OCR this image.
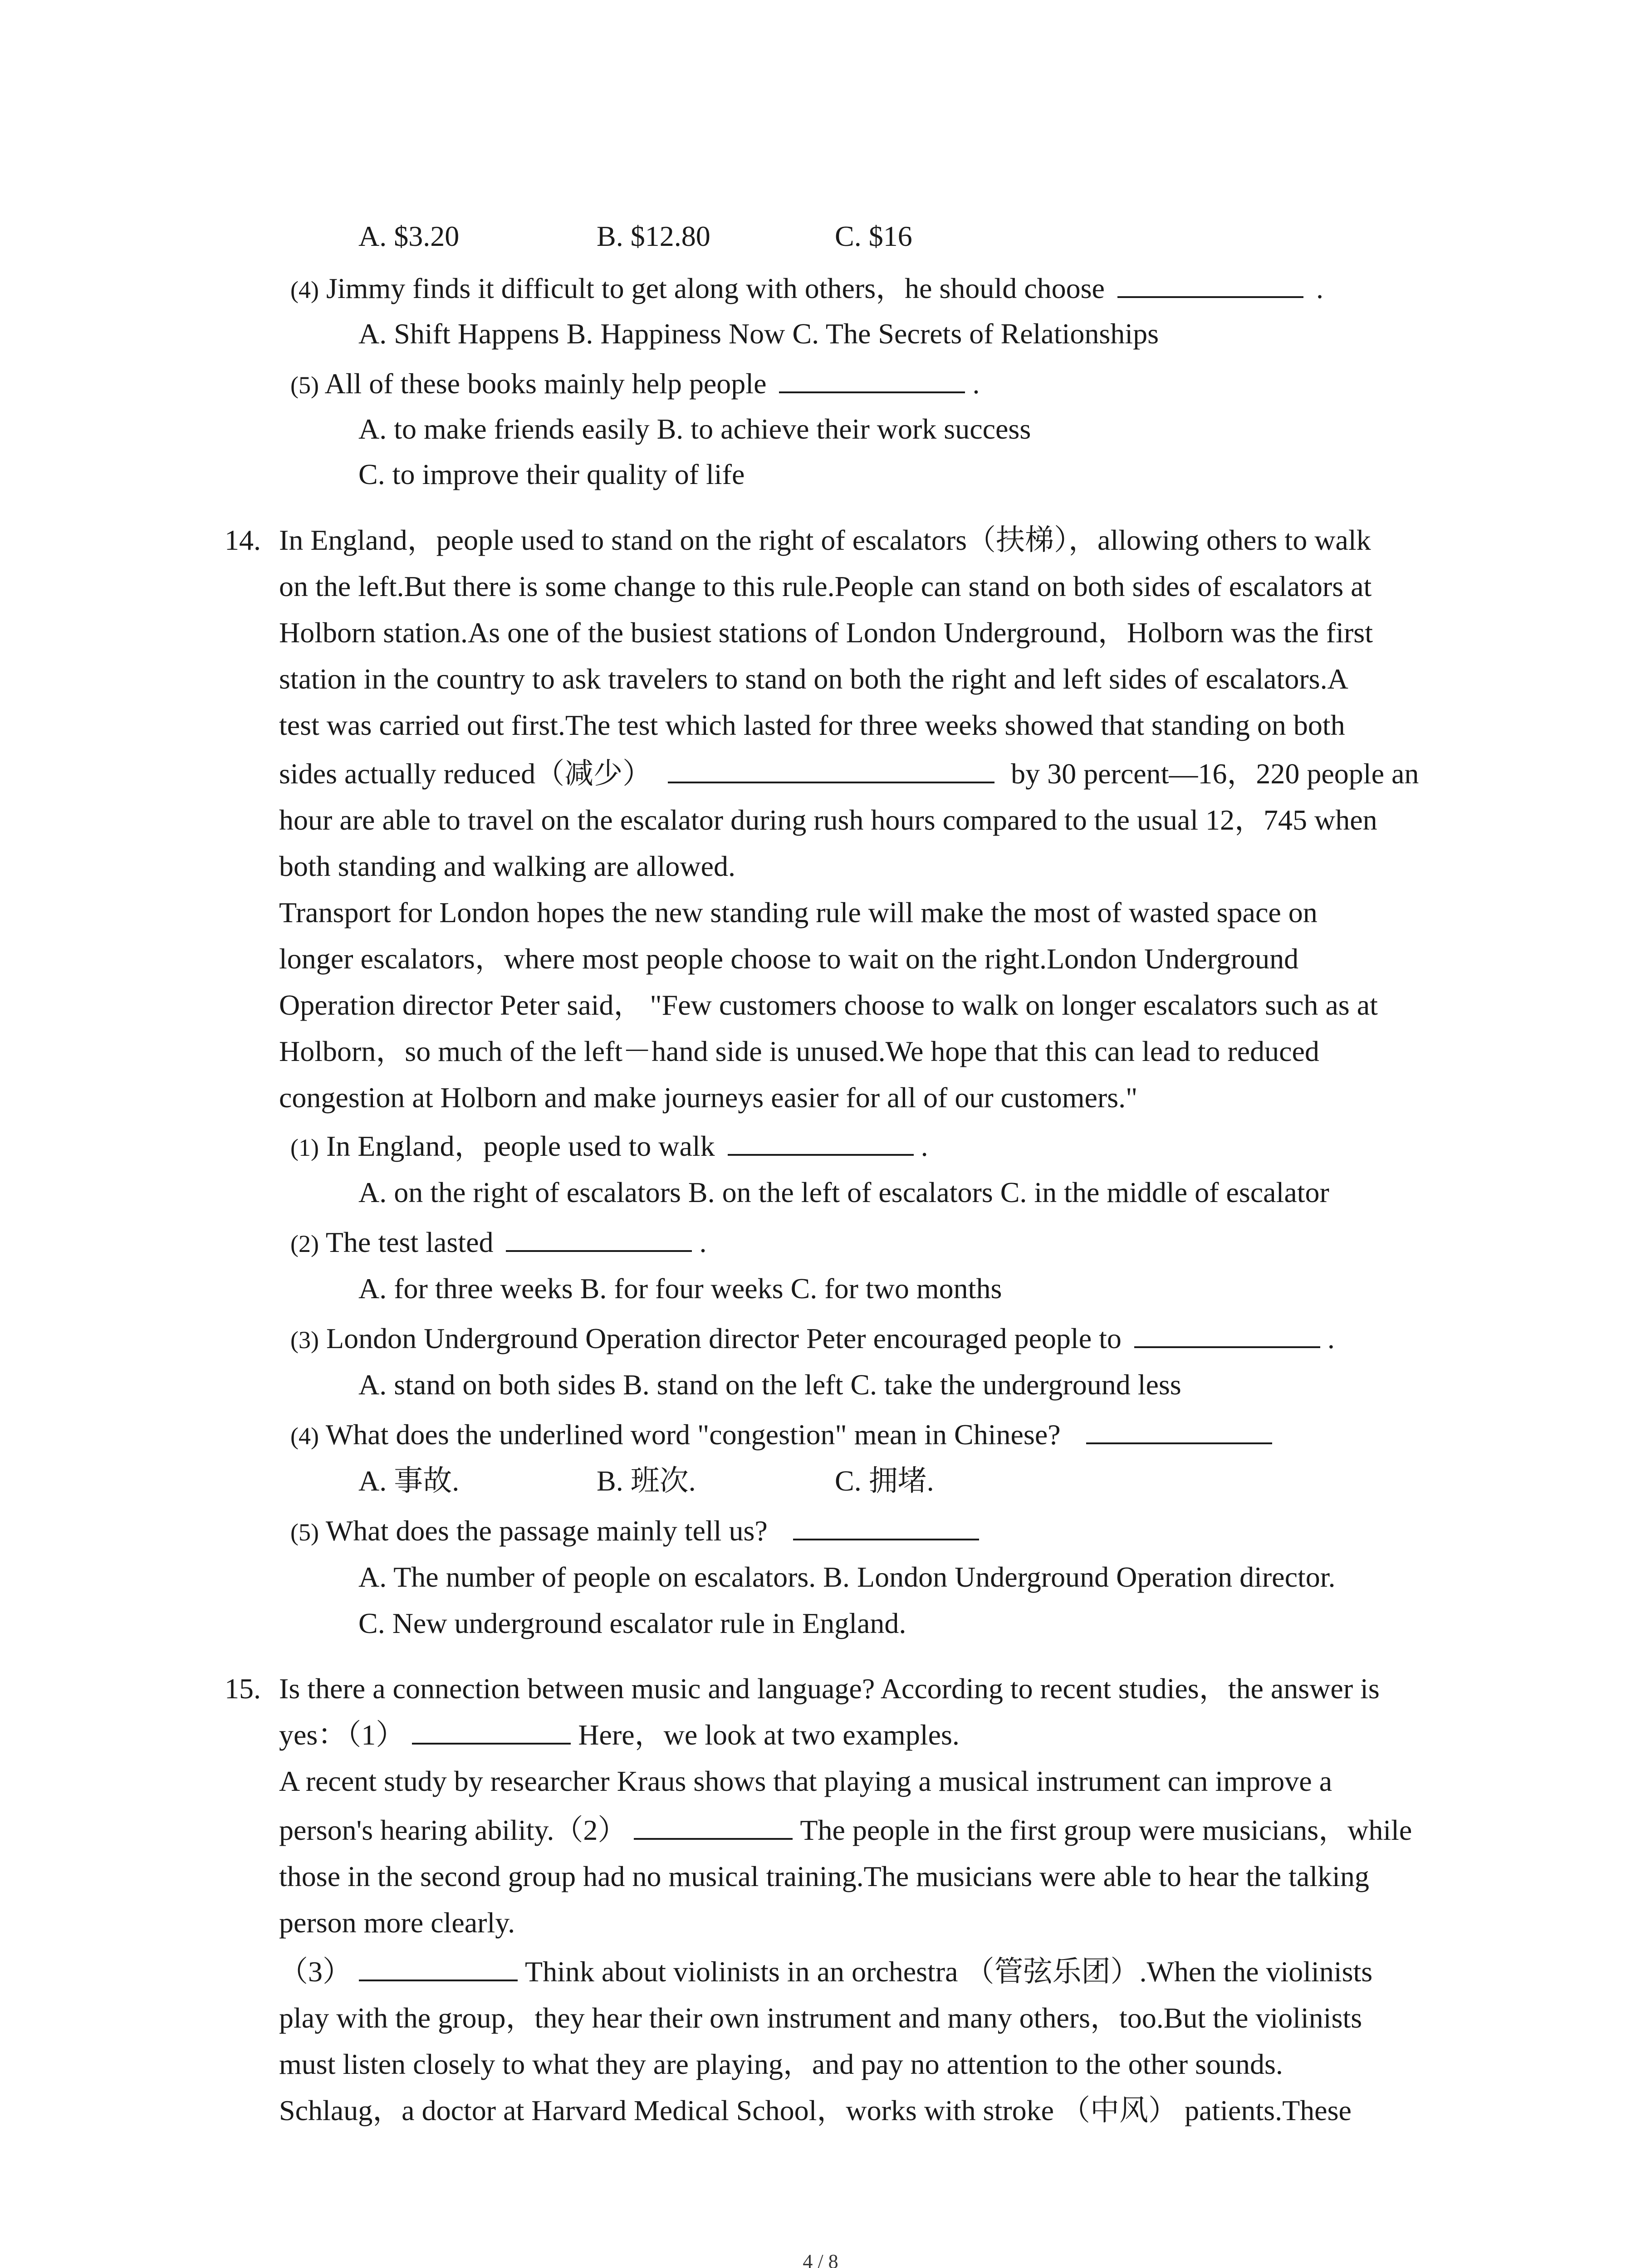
A. $3.20	B. $12.80	C. $16
(4) Jimmy finds it difficult to get along with others，he should choose	.
A. Shift Happens B. Happiness Now C. The Secrets of Relationships
(5) All of these books mainly help people	.
A. to make friends easily B. to achieve their work success
C. to improve their quality of life
14. In England，people used to stand on the right of escalators（扶梯），allowing others to walk
on the left.But there is some change to this rule.People can stand on both sides of escalators at
Holborn station.As one of the busiest stations of London Underground，Holborn was the first
station in the country to ask travelers to stand on both the right and left sides of escalators.A
test was carried out first.The test which lasted for three weeks showed that standing on both
sides actually reduced（减少）	by 30 percent—16，220 people an
hour are able to travel on the escalator during rush hours compared to the usual 12，745 when
both standing and walking are allowed.
Transport for London hopes the new standing rule will make the most of wasted space on
longer escalators，where most people choose to wait on the right.London Underground
Operation director Peter said， "Few customers choose to walk on longer escalators such as at
Holborn，so much of the left－hand side is unused.We hope that this can lead to reduced
congestion at Holborn and make journeys easier for all of our customers."
(1) In England，people used to walk	.
A. on the right of escalators B. on the left of escalators C. in the middle of escalator
(2) The test lasted	.
A. for three weeks B. for four weeks C. for two months
(3) London Underground Operation director Peter encouraged people to	.
A. stand on both sides B. stand on the left C. take the underground less
(4) What does the underlined word "congestion" mean in Chinese?
A. 事故.	B. 班次.	C. 拥堵.
(5) What does the passage mainly tell us?
A. The number of people on escalators. B. London Underground Operation director.
C. New underground escalator rule in England.
15. Is there a connection between music and language? According to recent studies，the answer is
yes：（1）	Here，we look at two examples.
A recent study by researcher Kraus shows that playing a musical instrument can improve a
person's hearing ability.（2）	The people in the first group were musicians，while
those in the second group had no musical training.The musicians were able to hear the talking
person more clearly.
（3）	Think about violinists in an orchestra （管弦乐团）.When the violinists
play with the group，they hear their own instrument and many others，too.But the violinists
must listen closely to what they are playing，and pay no attention to the other sounds.
Schlaug，a doctor at Harvard Medical School，works with stroke （中风） patients.These
4 / 8
